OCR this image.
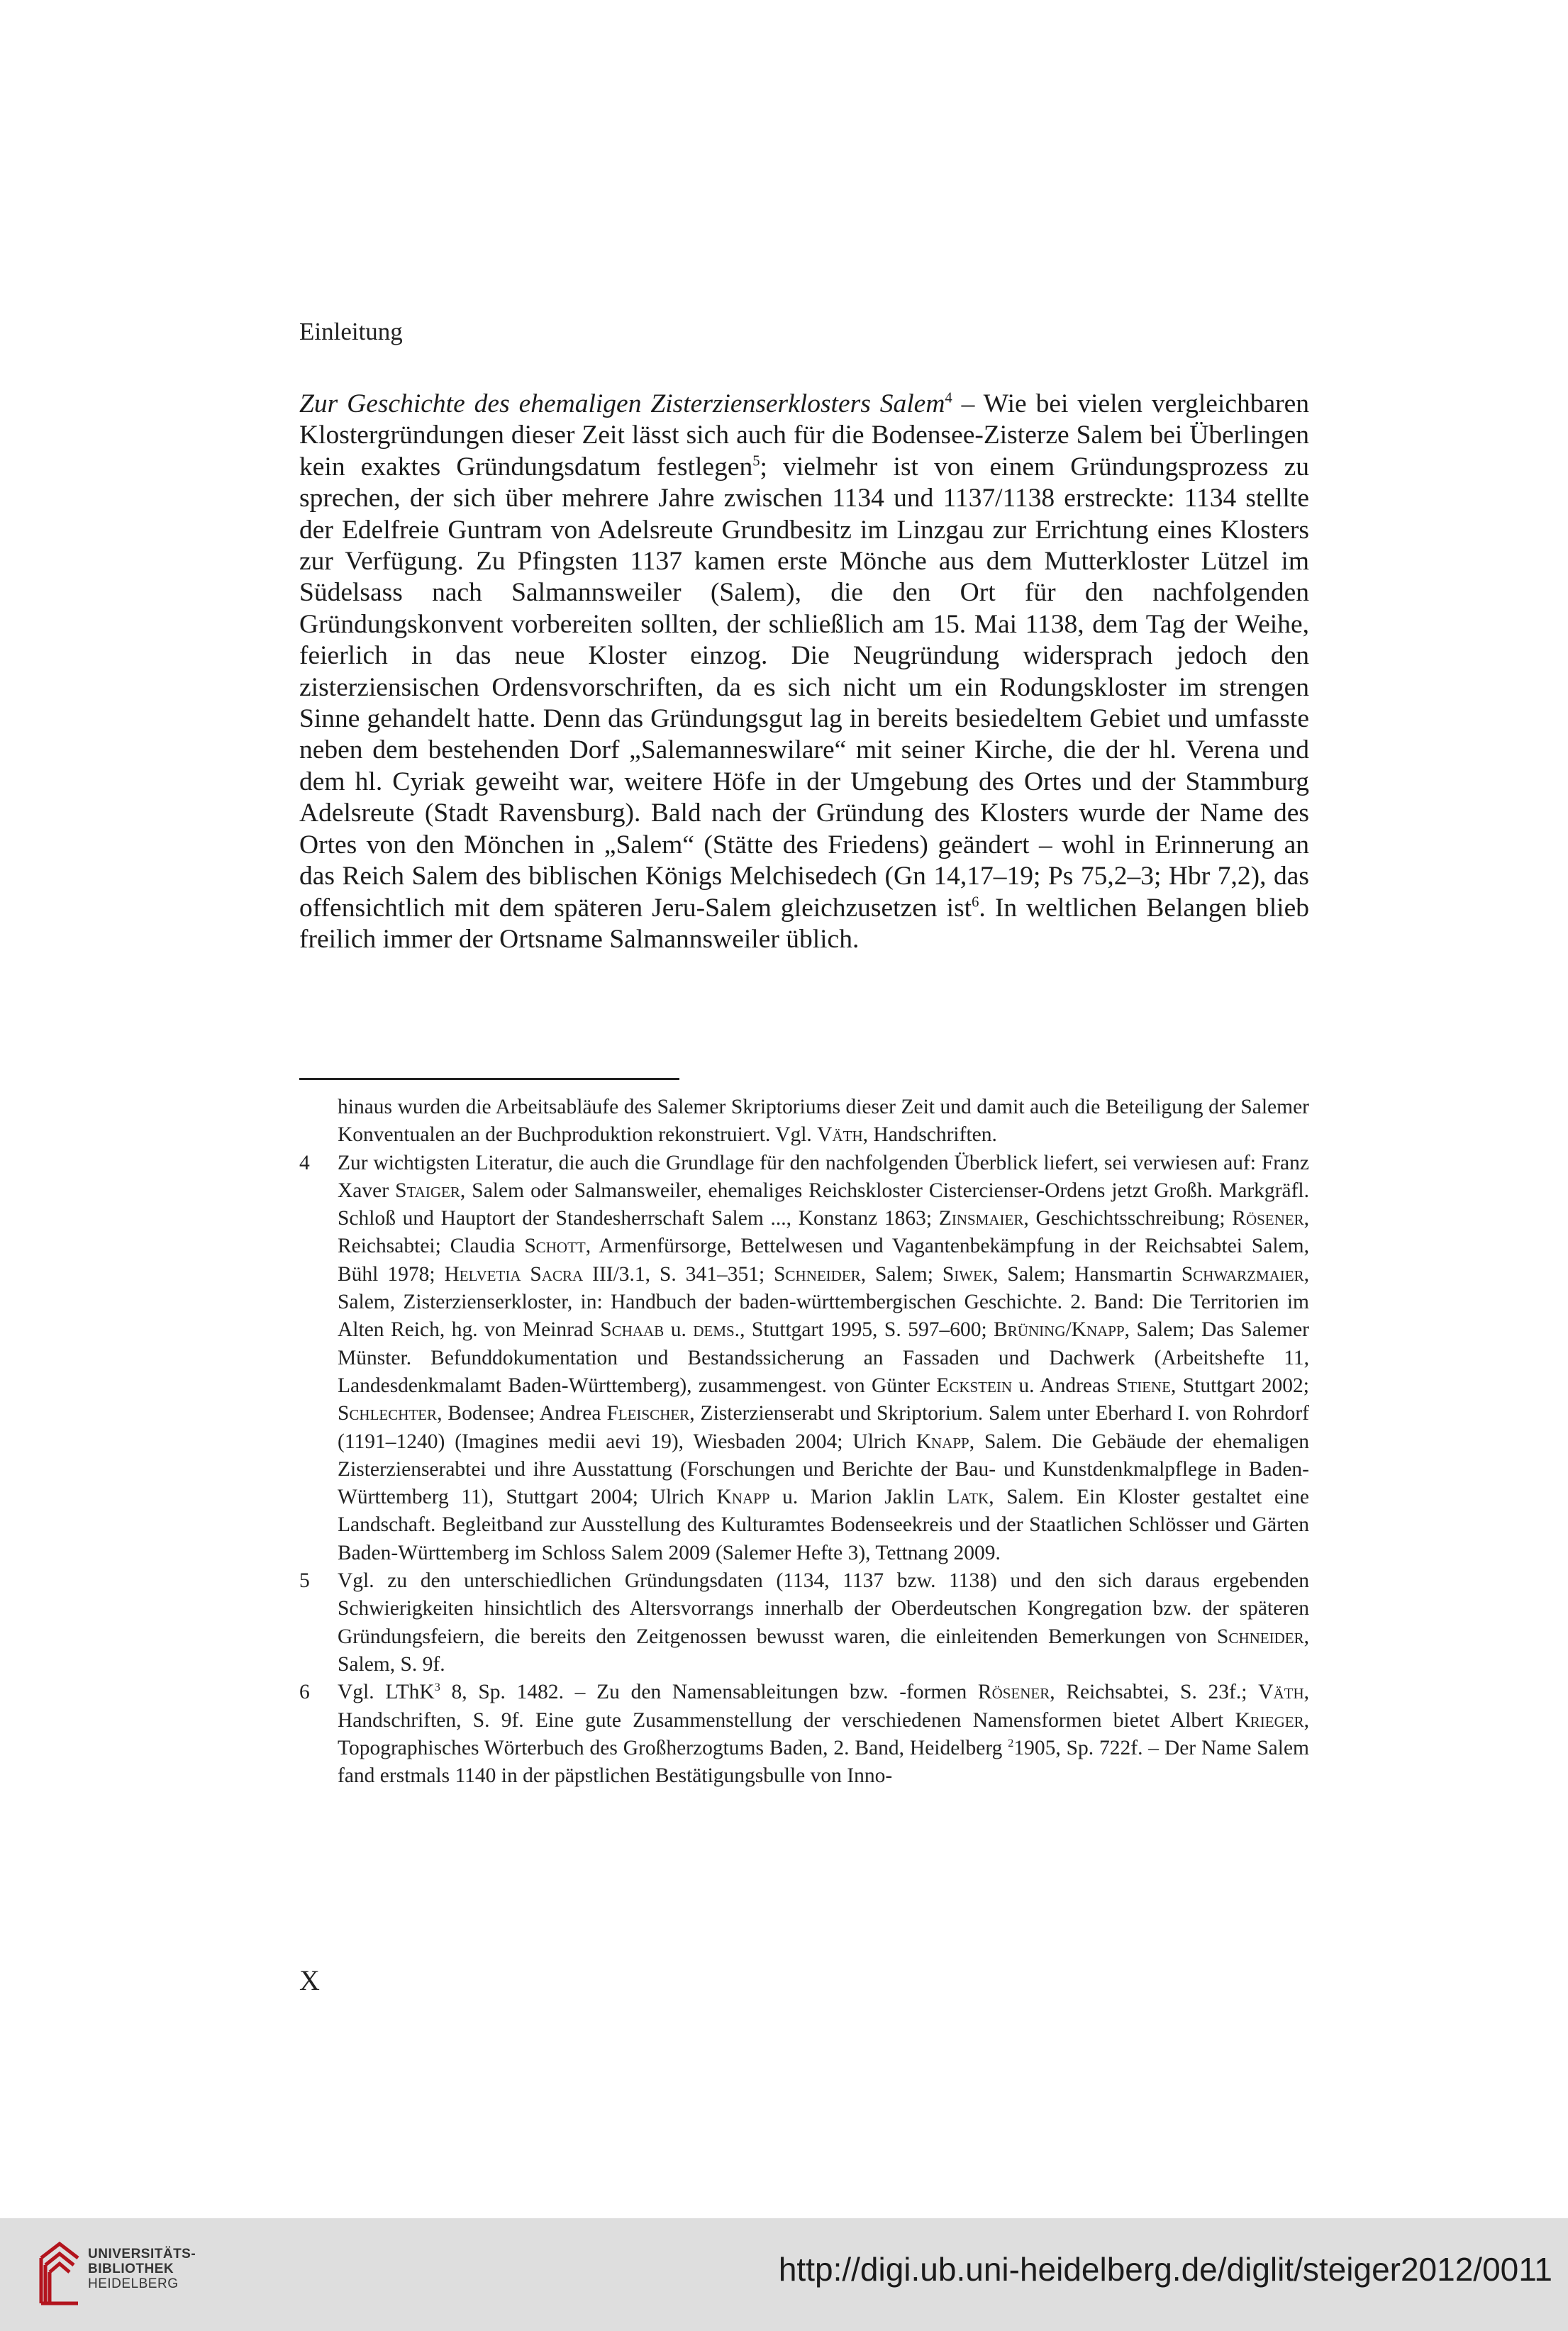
Einleitung
Zur Geschichte des ehemaligen Zisterzienserklosters Salem$^4$ – Wie bei vielen vergleichbaren Klostergründungen dieser Zeit lässt sich auch für die Bodensee-Zisterze Salem bei Überlingen kein exaktes Gründungsdatum festlegen$^5$; vielmehr ist von einem Gründungsprozess zu sprechen, der sich über mehrere Jahre zwischen 1134 und 1137/1138 erstreckte: 1134 stellte der Edelfreie Guntram von Adelsreute Grundbesitz im Linzgau zur Errichtung eines Klosters zur Verfügung. Zu Pfingsten 1137 kamen erste Mönche aus dem Mutterkloster Lützel im Südelsass nach Salmannsweiler (Salem), die den Ort für den nachfolgenden Gründungskonvent vorbereiten sollten, der schließlich am 15. Mai 1138, dem Tag der Weihe, feierlich in das neue Kloster einzog. Die Neugründung widersprach jedoch den zisterziensischen Ordensvorschriften, da es sich nicht um ein Rodungskloster im strengen Sinne gehandelt hatte. Denn das Gründungsgut lag in bereits besiedeltem Gebiet und umfasste neben dem bestehenden Dorf „Salemanneswilare“ mit seiner Kirche, die der hl. Verena und dem hl. Cyriak geweiht war, weitere Höfe in der Umgebung des Ortes und der Stammburg Adelsreute (Stadt Ravensburg). Bald nach der Gründung des Klosters wurde der Name des Ortes von den Mönchen in „Salem“ (Stätte des Friedens) geändert – wohl in Erinnerung an das Reich Salem des biblischen Königs Melchisedech (Gn 14,17–19; Ps 75,2–3; Hbr 7,2), das offensichtlich mit dem späteren Jeru-Salem gleichzusetzen ist$^6$. In weltlichen Belangen blieb freilich immer der Ortsname Salmannsweiler üblich.
hinaus wurden die Arbeitsabläufe des Salemer Skriptoriums dieser Zeit und damit auch die Beteiligung der Salemer Konventualen an der Buchproduktion rekonstruiert. Vgl. Väth, Handschriften.
4 Zur wichtigsten Literatur, die auch die Grundlage für den nachfolgenden Überblick liefert, sei verwiesen auf: Franz Xaver Staiger, Salem oder Salmansweiler, ehemaliges Reichskloster Cistercienser-Ordens jetzt Großh. Markgräfl. Schloß und Hauptort der Standesherrschaft Salem ..., Konstanz 1863; Zinsmaier, Geschichtsschreibung; Rösener, Reichsabtei; Claudia Schott, Armenfürsorge, Bettelwesen und Vagantenbekämpfung in der Reichsabtei Salem, Bühl 1978; Helvetia Sacra III/3.1, S. 341–351; Schneider, Salem; Siwek, Salem; Hansmartin Schwarzmaier, Salem, Zisterzienserkloster, in: Handbuch der baden-württembergischen Geschichte. 2. Band: Die Territorien im Alten Reich, hg. von Meinrad Schaab u. dems., Stuttgart 1995, S. 597–600; Brüning/Knapp, Salem; Das Salemer Münster. Befunddokumentation und Bestandssicherung an Fassaden und Dachwerk (Arbeitshefte 11, Landesdenkmalamt Baden-Württemberg), zusammengest. von Günter Eckstein u. Andreas Stiene, Stuttgart 2002; Schlechter, Bodensee; Andrea Fleischer, Zisterzienserabt und Skriptorium. Salem unter Eberhard I. von Rohrdorf (1191–1240) (Imagines medii aevi 19), Wiesbaden 2004; Ulrich Knapp, Salem. Die Gebäude der ehemaligen Zisterzienserabtei und ihre Ausstattung (Forschungen und Berichte der Bau- und Kunstdenkmalpflege in Baden-Württemberg 11), Stuttgart 2004; Ulrich Knapp u. Marion Jaklin Latk, Salem. Ein Kloster gestaltet eine Landschaft. Begleitband zur Ausstellung des Kulturamtes Bodenseekreis und der Staatlichen Schlösser und Gärten Baden-Württemberg im Schloss Salem 2009 (Salemer Hefte 3), Tettnang 2009.
5 Vgl. zu den unterschiedlichen Gründungsdaten (1134, 1137 bzw. 1138) und den sich daraus ergebenden Schwierigkeiten hinsichtlich des Altersvorrangs innerhalb der Oberdeutschen Kongregation bzw. der späteren Gründungsfeiern, die bereits den Zeitgenossen bewusst waren, die einleitenden Bemerkungen von Schneider, Salem, S. 9f.
6 Vgl. LThK$^3$ 8, Sp. 1482. – Zu den Namensableitungen bzw. -formen Rösener, Reichsabtei, S. 23f.; Väth, Handschriften, S. 9f. Eine gute Zusammenstellung der verschiedenen Namensformen bietet Albert Krieger, Topographisches Wörterbuch des Großherzogtums Baden, 2. Band, Heidelberg $^2$1905, Sp. 722f. – Der Name Salem fand erstmals 1140 in der päpstlichen Bestätigungsbulle von Inno-
X
UNIVERSITÄTS-
BIBLIOTHEK
HEIDELBERG	http://digi.ub.uni-heidelberg.de/diglit/steiger2012/0011
